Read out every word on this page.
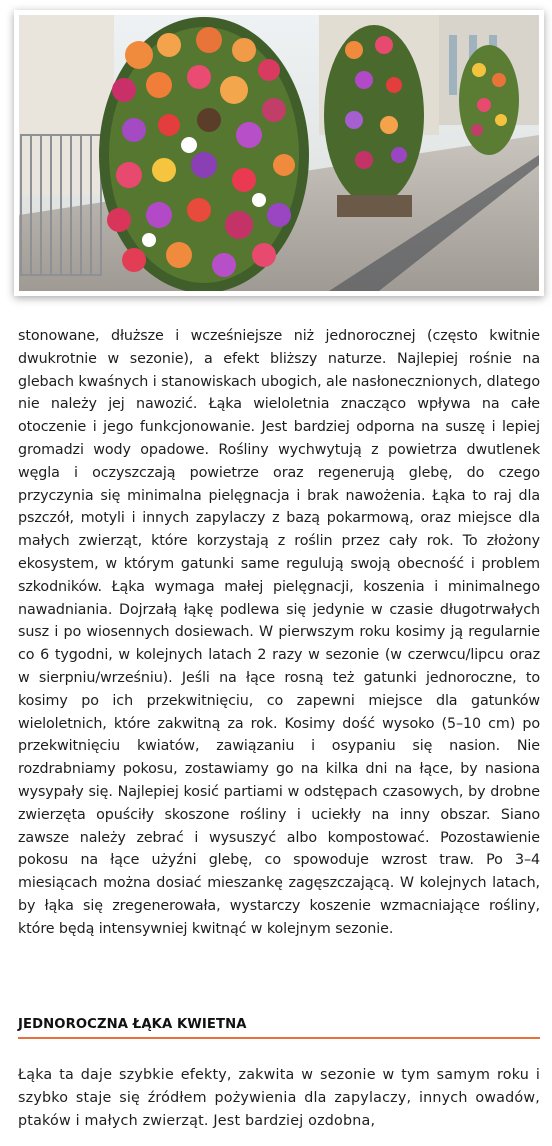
stonowane, dłuższe i wcześniejsze niż jednorocznej (często kwitnie dwukrotnie w sezonie), a efekt bliższy naturze. Najlepiej rośnie na glebach kwaśnych i stanowiskach ubogich, ale nasłonecznionych, dlatego nie należy jej nawozić. Łąka wieloletnia znacząco wpływa na całe otoczenie i jego funkcjonowanie. Jest bardziej odporna na suszę i lepiej gromadzi wody opadowe. Rośliny wychwytują z powietrza dwutlenek węgla i oczyszczają powietrze oraz regenerują glebę, do czego przyczynia się minimalna pielęgnacja i brak nawożenia. Łąka to raj dla pszczół, motyli i innych zapylaczy z bazą pokarmową, oraz miejsce dla małych zwierząt, które korzystają z roślin przez cały rok. To złożony ekosystem, w którym gatunki same regulują swoją obecność i problem szkodników. Łąka wymaga małej pielęgnacji, koszenia i minimalnego nawadniania. Dojrzałą łąkę podlewa się jedynie w czasie długotrwałych susz i po wiosennych dosiewach. W pierwszym roku kosimy ją regularnie co 6 tygodni, w kolejnych latach 2 razy w sezonie (w czerwcu/lipcu oraz w sierpniu/wrześniu). Jeśli na łące rosną też gatunki jednoroczne, to kosimy po ich przekwitnięciu, co zapewni miejsce dla gatunków wieloletnich, które zakwitną za rok. Kosimy dość wysoko (5–10 cm) po przekwitnięciu kwiatów, zawiązaniu i osypaniu się nasion. Nie rozdrabniamy pokosu, zostawiamy go na kilka dni na łące, by nasiona wysypały się. Najlepiej kosić partiami w odstępach czasowych, by drobne zwierzęta opuściły skoszone rośliny i uciekły na inny obszar. Siano zawsze należy zebrać i wysuszyć albo kompostować. Pozostawienie pokosu na łące użyźni glebę, co spowoduje wzrost traw. Po 3–4 miesiącach można dosiać mieszankę zagęszczającą. W kolejnych latach, by łąka się zregenerowała, wystarczy koszenie wzmacniające rośliny, które będą intensywniej kwitnąć w kolejnym sezonie.

JEDNOROCZNA ŁĄKA KWIETNA

Łąka ta daje szybkie efekty, zakwita w sezonie w tym samym roku i szybko staje się źródłem pożywienia dla zapylaczy, innych owadów, ptaków i małych zwierząt. Jest bardziej ozdobna,
